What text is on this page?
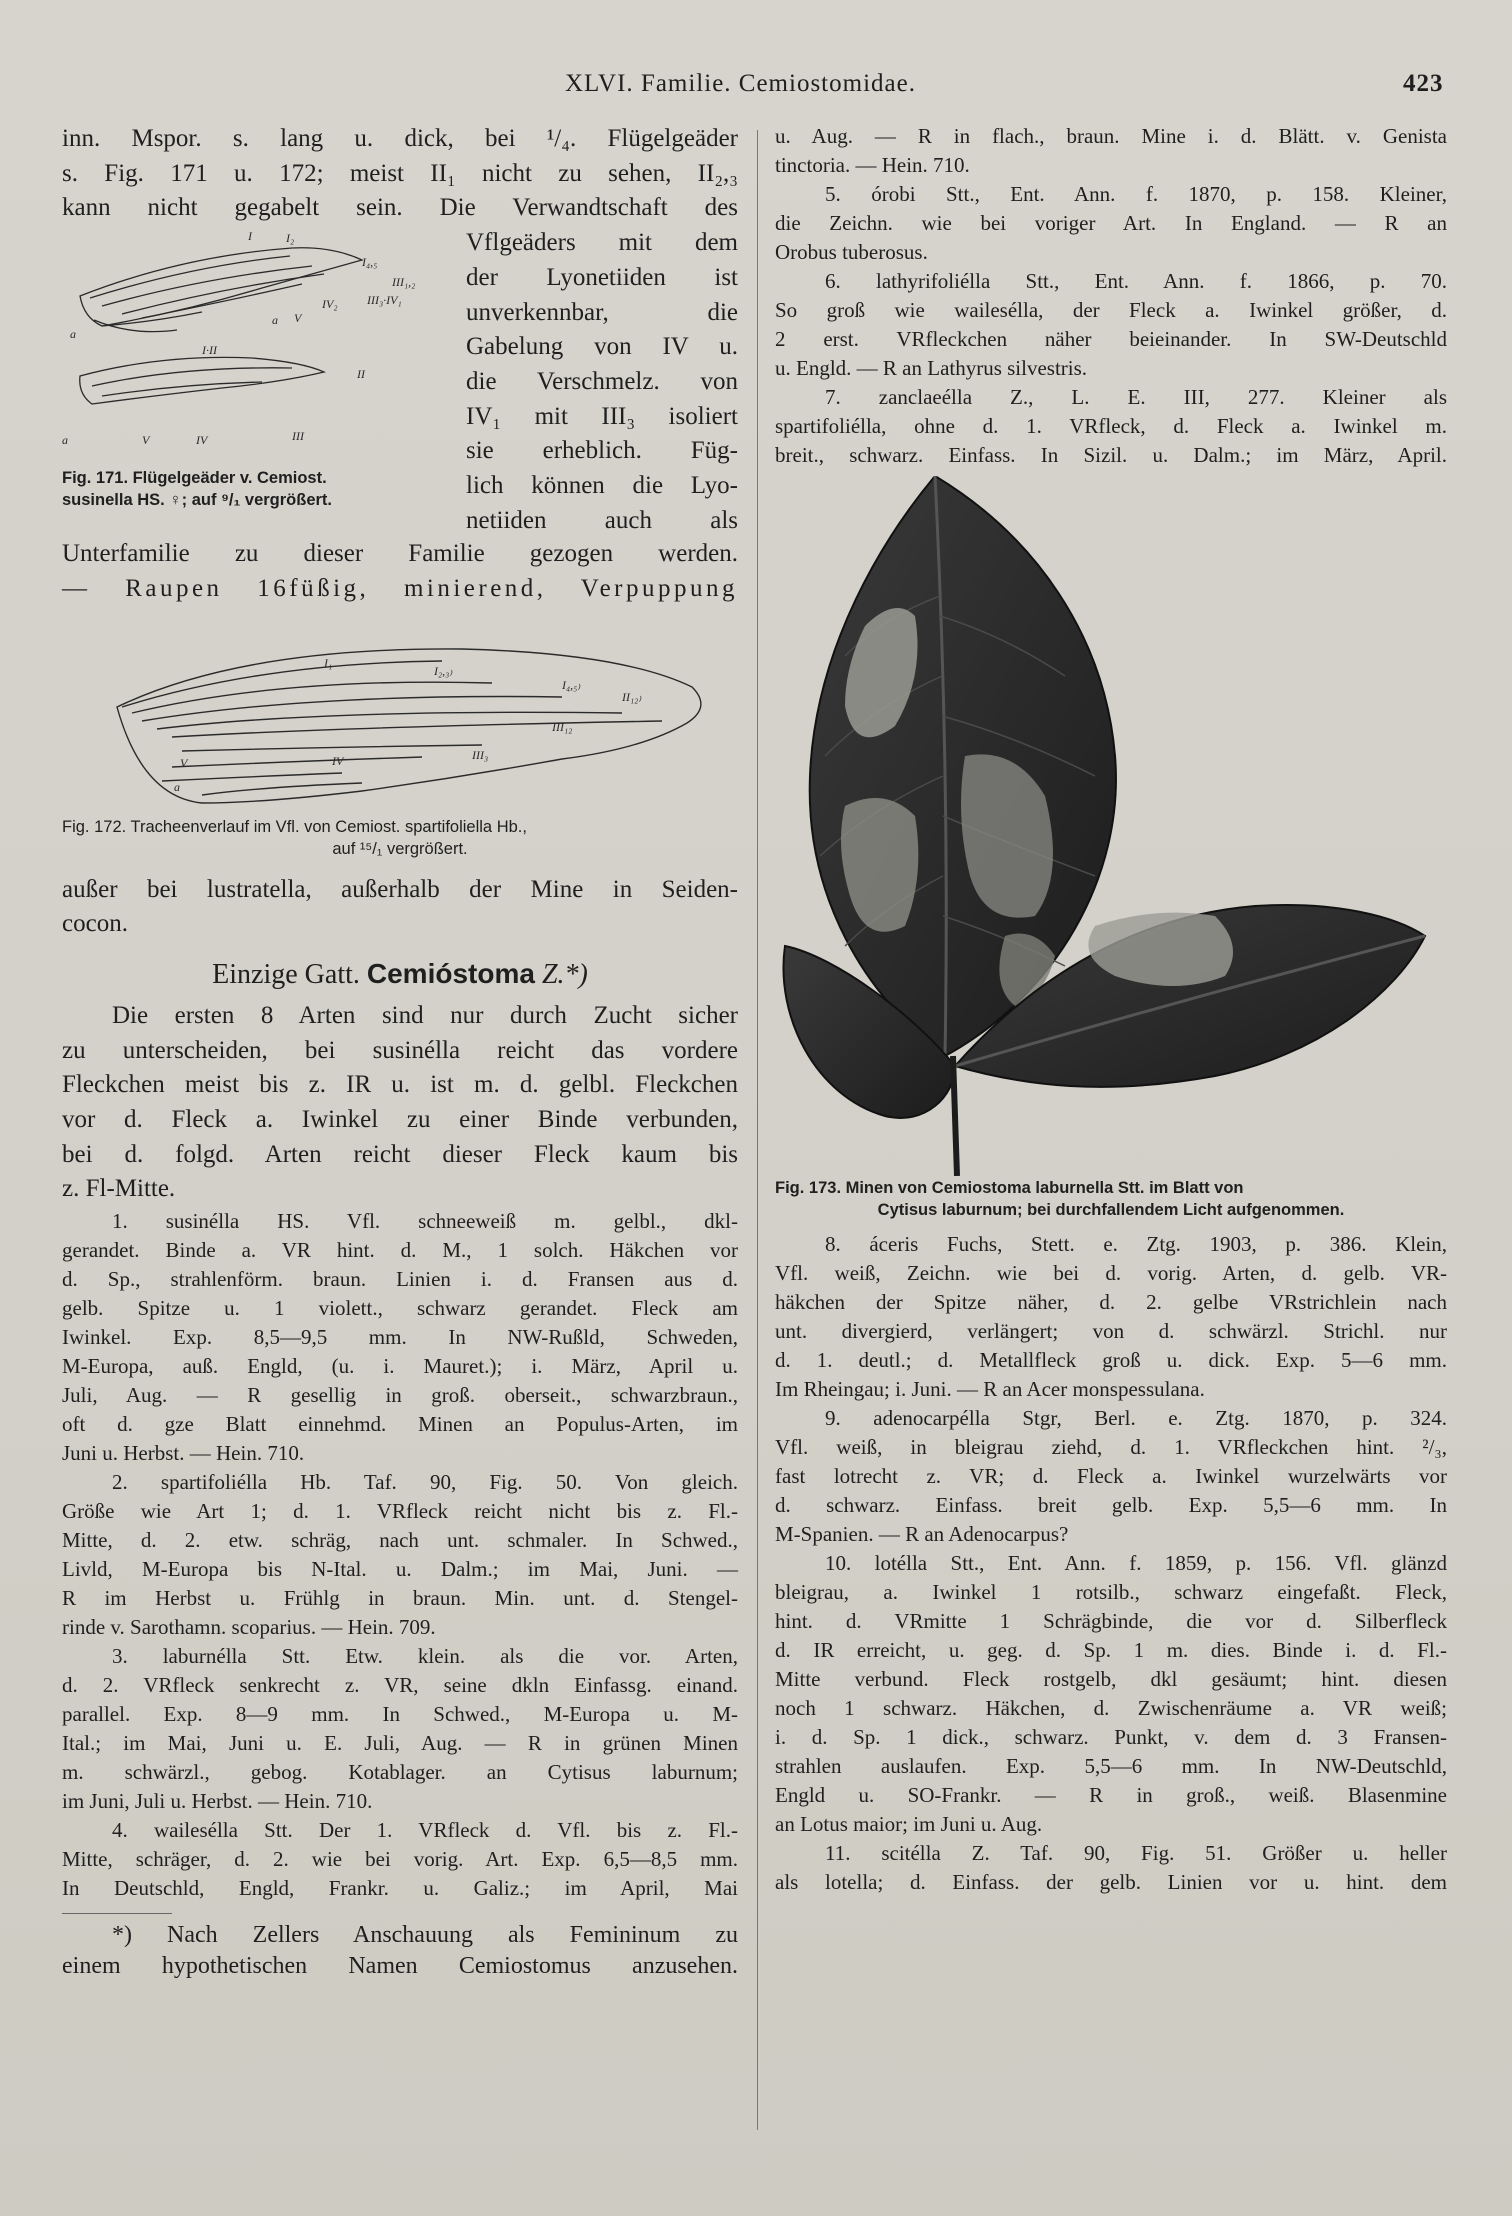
XLVI. Familie. Cemiostomidae.	423

inn. Mspor. s. lang u. dick, bei ¹/₄. Flügelgeäder

s. Fig. 171 u. 172; meist II₁ nicht zu sehen, II₂,₃

kann nicht gegabelt sein. Die Verwandtschaft des

I	I₂
I₄,₅
III₁,₂
III₃·IV₁
IV₂
V
a
a
I·II
II
a	V	IV	III

Fig. 171. Flügelgeäder v. Cemiost.

susinella HS. ♀; auf ⁹/₁ vergrößert.

Vflgeäders mit dem

der Lyonetiiden ist

unverkennbar, die

Gabelung von IV u.

die Verschmelz. von

IV₁ mit III₃ isoliert

sie erheblich. Füg-

lich können die Lyo-

netiiden auch als

Unterfamilie zu dieser Familie gezogen werden.

— Raupen 16füßig, minierend, Verpuppung

I₁
I₂,₃₎
I₄,₅₎
II₁₂₎
III₁₂
III₃
IV
V
a

Fig. 172. Tracheenverlauf im Vfl. von Cemiost. spartifoliella Hb.,

auf ¹⁵/₁ vergrößert.

außer bei lustratella, außerhalb der Mine in Seiden-

cocon.

Einzige Gatt. Cemióstoma Z.*)

Die ersten 8 Arten sind nur durch Zucht sicher

zu unterscheiden, bei susinélla reicht das vordere

Fleckchen meist bis z. IR u. ist m. d. gelbl. Fleckchen

vor d. Fleck a. Iwinkel zu einer Binde verbunden,

bei d. folgd. Arten reicht dieser Fleck kaum bis

z. Fl-Mitte.

1. susinélla HS. Vfl. schneeweiß m. gelbl., dkl-

gerandet. Binde a. VR hint. d. M., 1 solch. Häkchen vor

d. Sp., strahlenförm. braun. Linien i. d. Fransen aus d.

gelb. Spitze u. 1 violett., schwarz gerandet. Fleck am

Iwinkel. Exp. 8,5—9,5 mm. In NW-Rußld, Schweden,

M-Europa, auß. Engld, (u. i. Mauret.); i. März, April u.

Juli, Aug. — R gesellig in groß. oberseit., schwarzbraun.,

oft d. gze Blatt einnehmd. Minen an Populus-Arten, im

Juni u. Herbst. — Hein. 710.

2. spartifoliélla Hb. Taf. 90, Fig. 50. Von gleich.

Größe wie Art 1; d. 1. VRfleck reicht nicht bis z. Fl.-

Mitte, d. 2. etw. schräg, nach unt. schmaler. In Schwed.,

Livld, M-Europa bis N-Ital. u. Dalm.; im Mai, Juni. —

R im Herbst u. Frühlg in braun. Min. unt. d. Stengel-

rinde v. Sarothamn. scoparius. — Hein. 709.

3. laburnélla Stt. Etw. klein. als die vor. Arten,

d. 2. VRfleck senkrecht z. VR, seine dkln Einfassg. einand.

parallel. Exp. 8—9 mm. In Schwed., M-Europa u. M-

Ital.; im Mai, Juni u. E. Juli, Aug. — R in grünen Minen

m. schwärzl., gebog. Kotablager. an Cytisus laburnum;

im Juni, Juli u. Herbst. — Hein. 710.

4. wailesélla Stt. Der 1. VRfleck d. Vfl. bis z. Fl.-

Mitte, schräger, d. 2. wie bei vorig. Art. Exp. 6,5—8,5 mm.

In Deutschld, Engld, Frankr. u. Galiz.; im April, Mai

*) Nach Zellers Anschauung als Femininum zu

einem hypothetischen Namen Cemiostomus anzusehen.

u. Aug. — R in flach., braun. Mine i. d. Blätt. v. Genista

tinctoria. — Hein. 710.

5. órobi Stt., Ent. Ann. f. 1870, p. 158. Kleiner,

die Zeichn. wie bei voriger Art. In England. — R an

Orobus tuberosus.

6. lathyrifoliélla Stt., Ent. Ann. f. 1866, p. 70.

So groß wie wailesélla, der Fleck a. Iwinkel größer, d.

2 erst. VRfleckchen näher beieinander. In SW-Deutschld

u. Engld. — R an Lathyrus silvestris.

7. zanclaeélla Z., L. E. III, 277. Kleiner als

spartifoliélla, ohne d. 1. VRfleck, d. Fleck a. Iwinkel m.

breit., schwarz. Einfass. In Sizil. u. Dalm.; im März, April.

Fig. 173. Minen von Cemiostoma laburnella Stt. im Blatt von

Cytisus laburnum; bei durchfallendem Licht aufgenommen.

8. áceris Fuchs, Stett. e. Ztg. 1903, p. 386. Klein,

Vfl. weiß, Zeichn. wie bei d. vorig. Arten, d. gelb. VR-

häkchen der Spitze näher, d. 2. gelbe VRstrichlein nach

unt. divergierd, verlängert; von d. schwärzl. Strichl. nur

d. 1. deutl.; d. Metallfleck groß u. dick. Exp. 5—6 mm.

Im Rheingau; i. Juni. — R an Acer monspessulana.

9. adenocarpélla Stgr, Berl. e. Ztg. 1870, p. 324.

Vfl. weiß, in bleigrau ziehd, d. 1. VRfleckchen hint. ²/₃,

fast lotrecht z. VR; d. Fleck a. Iwinkel wurzelwärts vor

d. schwarz. Einfass. breit gelb. Exp. 5,5—6 mm. In

M-Spanien. — R an Adenocarpus?

10. lotélla Stt., Ent. Ann. f. 1859, p. 156. Vfl. glänzd

bleigrau, a. Iwinkel 1 rotsilb., schwarz eingefaßt. Fleck,

hint. d. VRmitte 1 Schrägbinde, die vor d. Silberfleck

d. IR erreicht, u. geg. d. Sp. 1 m. dies. Binde i. d. Fl.-

Mitte verbund. Fleck rostgelb, dkl gesäumt; hint. diesen

noch 1 schwarz. Häkchen, d. Zwischenräume a. VR weiß;

i. d. Sp. 1 dick., schwarz. Punkt, v. dem d. 3 Fransen-

strahlen auslaufen. Exp. 5,5—6 mm. In NW-Deutschld,

Engld u. SO-Frankr. — R in groß., weiß. Blasenmine

an Lotus maior; im Juni u. Aug.

11. scitélla Z. Taf. 90, Fig. 51. Größer u. heller

als lotella; d. Einfass. der gelb. Linien vor u. hint. dem
